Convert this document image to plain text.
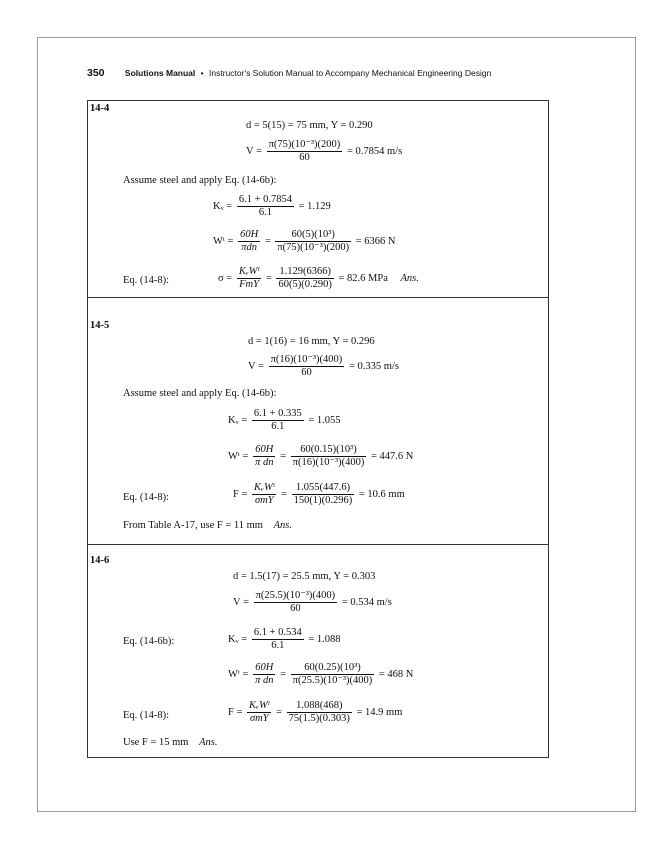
350 Solutions Manual • Instructor's Solution Manual to Accompany Mechanical Engineering Design
14-4
d = 5(15) = 75 mm, Y = 0.290
$V = \frac{\text{π(75)(10⁻³)(200)}}{60} = 0.7854$ m/s
Assume steel and apply Eq. (14-6b):
Kᵥ = $\frac{6.1 + 0.7854}{6.1} = 1.129$
Wᵗ = $\frac{60H}{\text{πdn}} = \frac{\text{60(5)(10³)}}{\text{π(75)(10⁻³)(200)}} = 6366$ N
Eq. (14-8):	$\sigma = \frac{\text{KᵥWᵗ}}{\text{FmY}} = \frac{1.129(6366)}{60(5)(0.290)} = 82.6$ MPa Ans.
14-5
d = 1(16) = 16 mm, Y = 0.296
$V = \frac{\text{π(16)(10⁻³)(400)}}{60} = 0.335$ m/s
Assume steel and apply Eq. (14-6b):
Kᵥ = $\frac{6.1 + 0.335}{6.1} = 1.055$
Wᵗ = $\frac{60H}{\text{π dn}} = \frac{\text{60(0.15)(10³)}}{\text{π(16)(10⁻³)(400)}} = 447.6$ N
Eq. (14-8):	$F = \frac{\text{KᵥWᵗ}}{\text{σmY}} = \frac{1.055(447.6)}{150(1)(0.296)} = 10.6$ mm
From Table A-17, use F = 11 mm Ans.
14-6
d = 1.5(17) = 25.5 mm, Y = 0.303
$V = \frac{\text{π(25.5)(10⁻³)(400)}}{60} = 0.534$ m/s
Eq. (14-6b):	Kᵥ = $\frac{6.1 + 0.534}{6.1} = 1.088$
Wᵗ = $\frac{60H}{\text{π dn}} = \frac{\text{60(0.25)(10³)}}{\text{π(25.5)(10⁻³)(400)}} = 468$ N
Eq. (14-8):	$F = \frac{\text{KᵥWᵗ}}{\text{σmY}} = \frac{1.088(468)}{75(1.5)(0.303)} = 14.9$ mm
Use F = 15 mm Ans.
